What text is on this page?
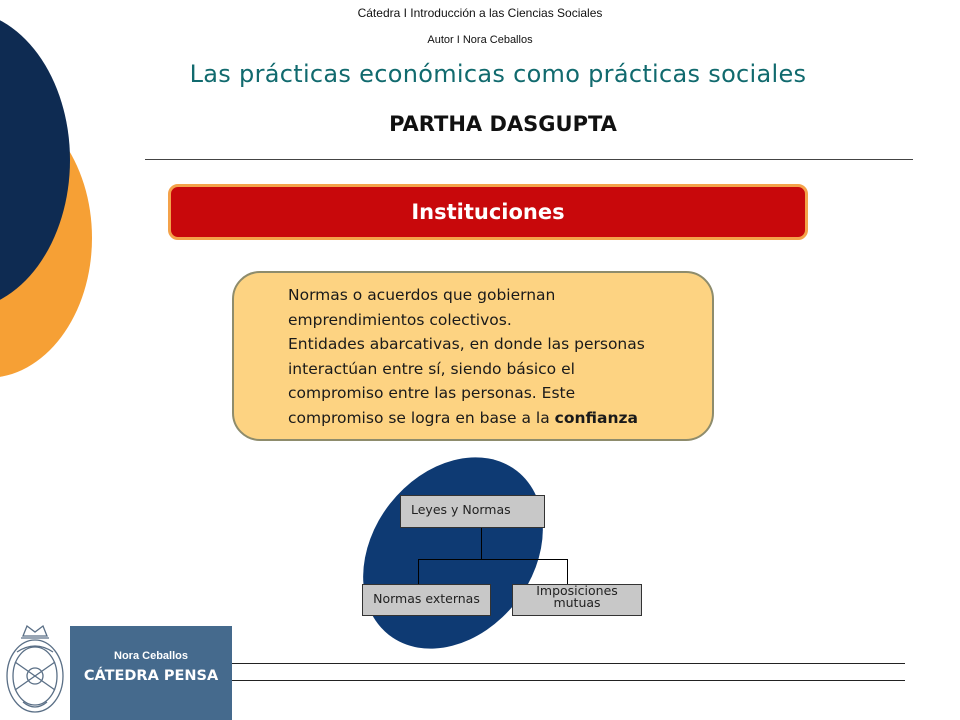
Cátedra I Introducción a las Ciencias Sociales
Autor I Nora Ceballos
Las prácticas económicas como prácticas sociales
PARTHA DASGUPTA
Instituciones

Normas o acuerdos que gobiernan

emprendimientos colectivos.

Entidades abarcativas, en donde las personas

interactúan entre sí, siendo básico el

compromiso entre las personas. Este

compromiso se logra en base a la confianza

Leyes y Normas
Normas externas
Imposiciones mutuas
Nora Ceballos
CÁTEDRA PENSA
